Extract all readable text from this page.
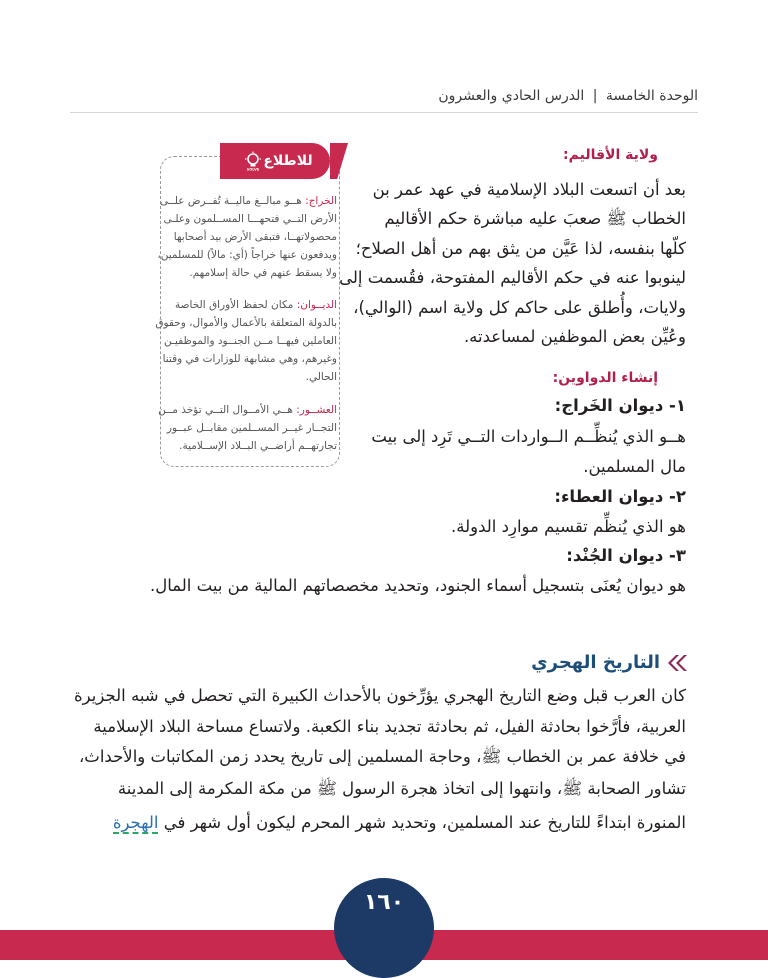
الوحدة الخامسة | الدرس الحادي والعشرون
ولاية الأقاليم:
بعد أن اتسعت البلاد الإسلامية في عهد عمر بن
الخطاب ﷺ صعبَ عليه مباشرة حكم الأقاليم
كلّها بنفسه، لذا عَيَّن من يثق بهم من أهل الصلاح؛
لينوبوا عنه في حكم الأقاليم المفتوحة، فقُسمت إلى
ولايات، وأُطلق على حاكم كل ولاية اسم (الوالي)،
وعُيِّن بعض الموظفين لمساعدته.
إنشاء الدواوين:
١- ديوان الخَراج:
هــو الذي يُنظِّــم الــواردات التــي تَرِد إلى بيت
مال المسلمين.
٢- ديوان العطاء:
هو الذي يُنظِّم تقسيم موارِد الدولة.
٣- ديوان الجُنْد:
هو ديوان يُعنَى بتسجيل أسماء الجنود، وتحديد مخصصاتهم المالية من بيت المال.
للاطلاع
SOLVE
الخراج: هــو مبالــغ ماليــة تُفــرض علــى
الأرض التــي فتحهـــا المســلمون وعلـى
محصولاتهــا، فتبقى الأرض بيد أصحابها
ويدفعون عنها خراجاً (أي: مالاً) للمسلمين،
ولا يسقط عنهم في حالة إسلامهم.
الديــوان: مكان لحفظ الأوراق الخاصة
بالدولة المتعلقة بالأعمال والأموال، وحقوق
العاملين فيهــا مــن الجنــود والموظفيـن
وغيرهم، وهي مشابهة للوزارات في وقتنا
الحالي.
العشــور: هــي الأمــوال التــي تؤخذ مــن
التجــار غيــر المســلمين مقابــل عبــور
تجارتهــم أراضــي البــلاد الإســلامية.
التاريخ الهجري
كان العرب قبل وضع التاريخ الهجري يؤرِّخون بالأحداث الكبيرة التي تحصل في شبه الجزيرة
العربية، فأرَّخوا بحادثة الفيل، ثم بحادثة تجديد بناء الكعبة. ولاتساع مساحة البلاد الإسلامية
في خلافة عمر بن الخطاب ﷺ، وحاجة المسلمين إلى تاريخ يحدد زمن المكاتبات والأحداث،
تشاور الصحابة ﷺ، وانتهوا إلى اتخاذ هجرة الرسول ﷺ من مكة المكرمة إلى المدينة
المنورة ابتداءً للتاريخ عند المسلمين، وتحديد شهر المحرم ليكون أول شهر في الهجرة
١٦٠
